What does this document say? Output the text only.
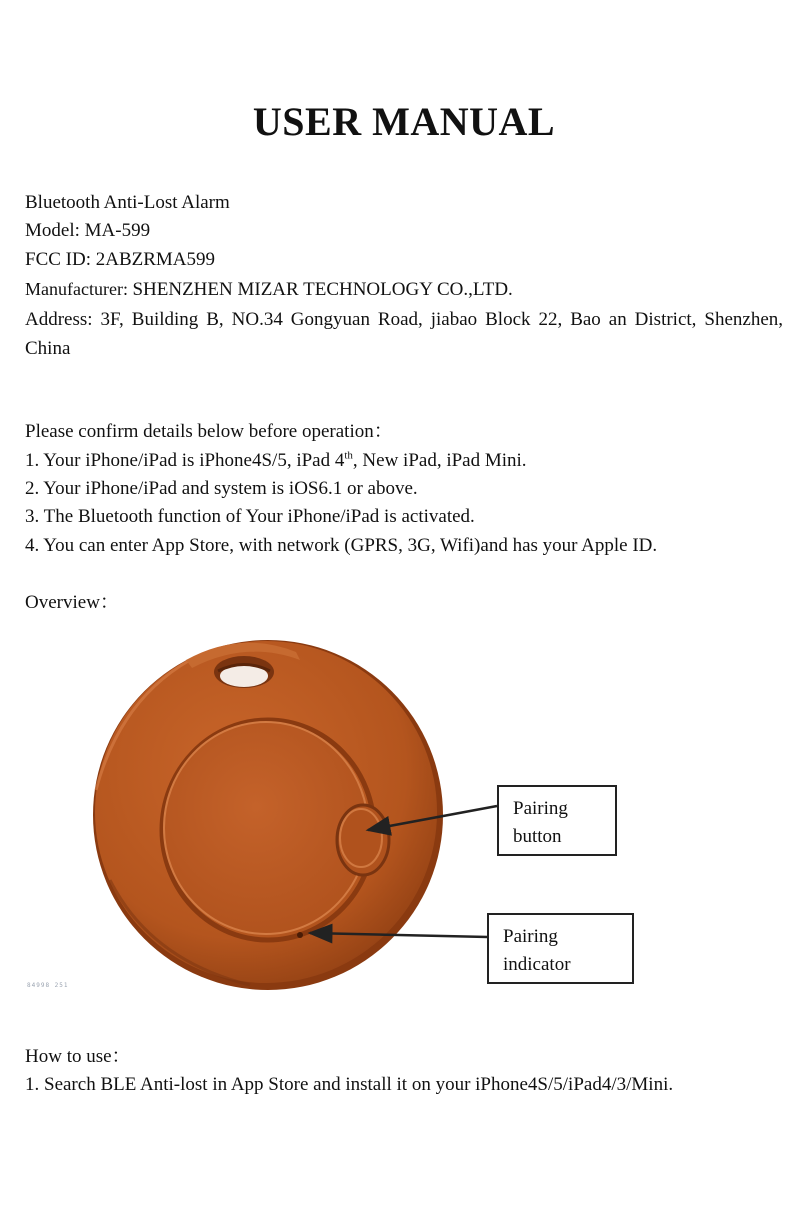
USER MANUAL
Bluetooth Anti-Lost Alarm
Model: MA-599
FCC ID: 2ABZRMA599
Manufacturer: SHENZHEN MIZAR TECHNOLOGY CO.,LTD.
Address: 3F, Building B, NO.34 Gongyuan Road, jiabao Block 22, Bao an District, Shenzhen, China
Please confirm details below before operation：
1. Your iPhone/iPad is iPhone4S/5, iPad 4th, New iPad, iPad Mini.
2. Your iPhone/iPad and system is iOS6.1 or above.
3. The Bluetooth function of Your iPhone/iPad is activated.
4. You can enter App Store, with network (GPRS, 3G, Wifi)and has your Apple ID.
Overview：
Pairing
button
Pairing
indicator
84998 251
How to use：
1. Search BLE Anti-lost in App Store and install it on your iPhone4S/5/iPad4/3/Mini.
